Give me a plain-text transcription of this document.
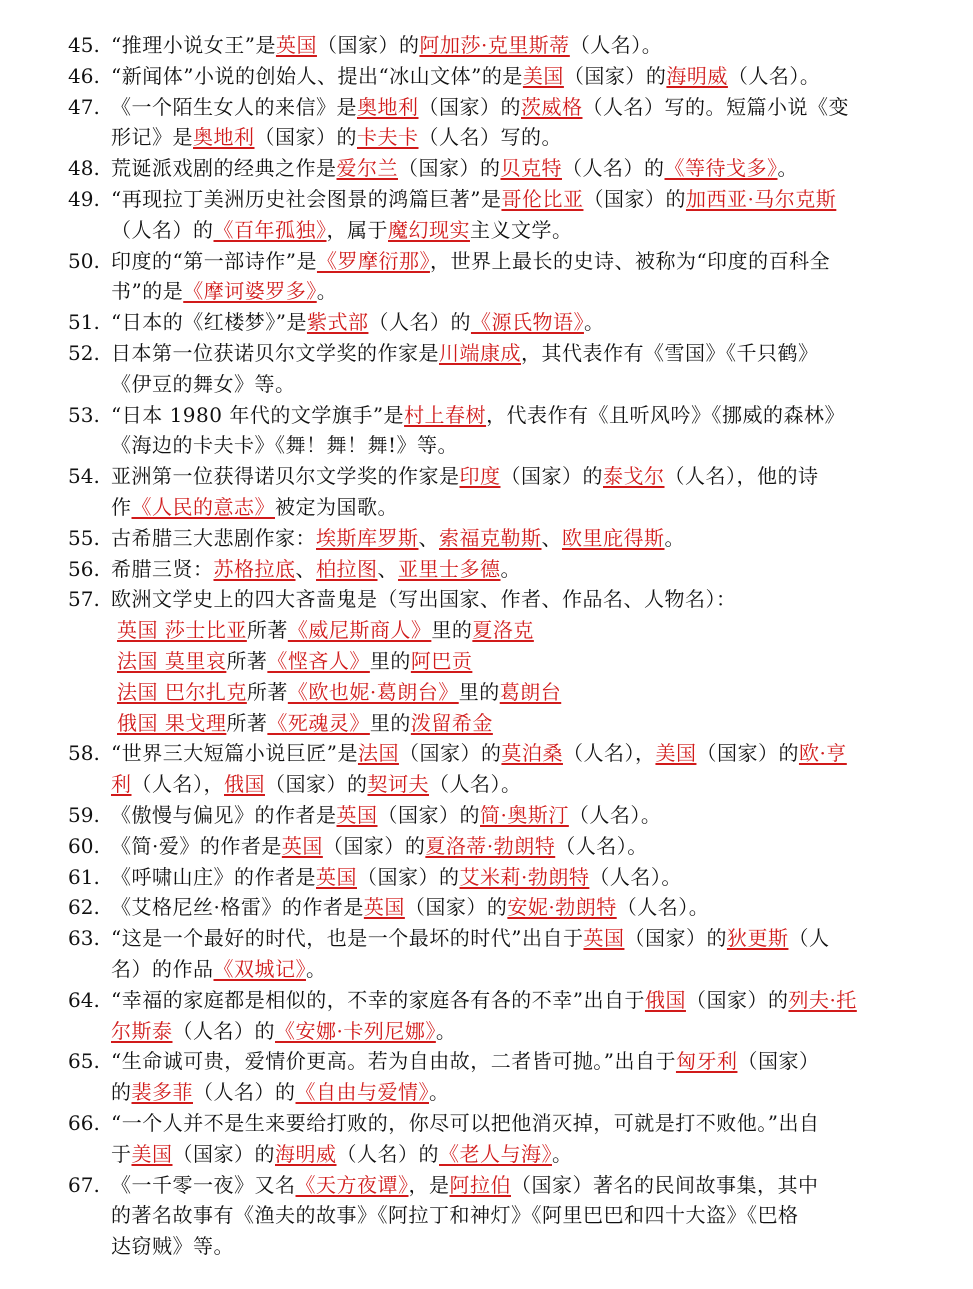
45. “推理小说女王”是英国（国家）的阿加莎·克里斯蒂（人名）。
46. “新闻体”小说的创始人、提出“冰山文体”的是美国（国家）的海明威（人名）。
47. 《一个陌生女人的来信》是奥地利（国家）的茨威格（人名）写的。短篇小说《变
形记》是奥地利（国家）的卡夫卡（人名）写的。
48. 荒诞派戏剧的经典之作是爱尔兰（国家）的贝克特（人名）的《等待戈多》。
49. “再现拉丁美洲历史社会图景的鸿篇巨著”是哥伦比亚（国家）的加西亚·马尔克斯
（人名）的《百年孤独》，属于魔幻现实主义文学。
50. 印度的“第一部诗作”是《罗摩衍那》，世界上最长的史诗、被称为“印度的百科全
书”的是《摩诃婆罗多》。
51. “日本的《红楼梦》”是紫式部（人名）的《源氏物语》。
52. 日本第一位获诺贝尔文学奖的作家是川端康成，其代表作有《雪国》《千只鹤》
《伊豆的舞女》等。
53. “日本 1980 年代的文学旗手”是村上春树，代表作有《且听风吟》《挪威的森林》
《海边的卡夫卡》《舞！舞！舞!》等。
54. 亚洲第一位获得诺贝尔文学奖的作家是印度（国家）的泰戈尔（人名），他的诗
作《人民的意志》被定为国歌。
55. 古希腊三大悲剧作家：埃斯库罗斯、索福克勒斯、欧里庇得斯。
56. 希腊三贤：苏格拉底、柏拉图、亚里士多德。
57. 欧洲文学史上的四大吝啬鬼是（写出国家、作者、作品名、人物名）：
英国 莎士比亚所著《威尼斯商人》里的夏洛克
法国 莫里哀所著《悭吝人》里的阿巴贡
法国 巴尔扎克所著《欧也妮·葛朗台》里的葛朗台
俄国 果戈理所著《死魂灵》里的泼留希金
58. “世界三大短篇小说巨匠”是法国（国家）的莫泊桑（人名），美国（国家）的欧·亨
利（人名），俄国（国家）的契诃夫（人名）。
59. 《傲慢与偏见》的作者是英国（国家）的简·奥斯汀（人名）。
60. 《简·爱》的作者是英国（国家）的夏洛蒂·勃朗特（人名）。
61. 《呼啸山庄》的作者是英国（国家）的艾米莉·勃朗特（人名）。
62. 《艾格尼丝·格雷》的作者是英国（国家）的安妮·勃朗特（人名）。
63. “这是一个最好的时代，也是一个最坏的时代”出自于英国（国家）的狄更斯（人
名）的作品《双城记》。
64. “幸福的家庭都是相似的，不幸的家庭各有各的不幸”出自于俄国（国家）的列夫·托
尔斯泰（人名）的《安娜·卡列尼娜》。
65. “生命诚可贵，爱情价更高。若为自由故，二者皆可抛。”出自于匈牙利（国家）
的裴多菲（人名）的《自由与爱情》。
66. “一个人并不是生来要给打败的，你尽可以把他消灭掉，可就是打不败他。”出自
于美国（国家）的海明威（人名）的《老人与海》。
67. 《一千零一夜》又名《天方夜谭》，是阿拉伯（国家）著名的民间故事集，其中
的著名故事有《渔夫的故事》《阿拉丁和神灯》《阿里巴巴和四十大盗》《巴格
达窃贼》等。
